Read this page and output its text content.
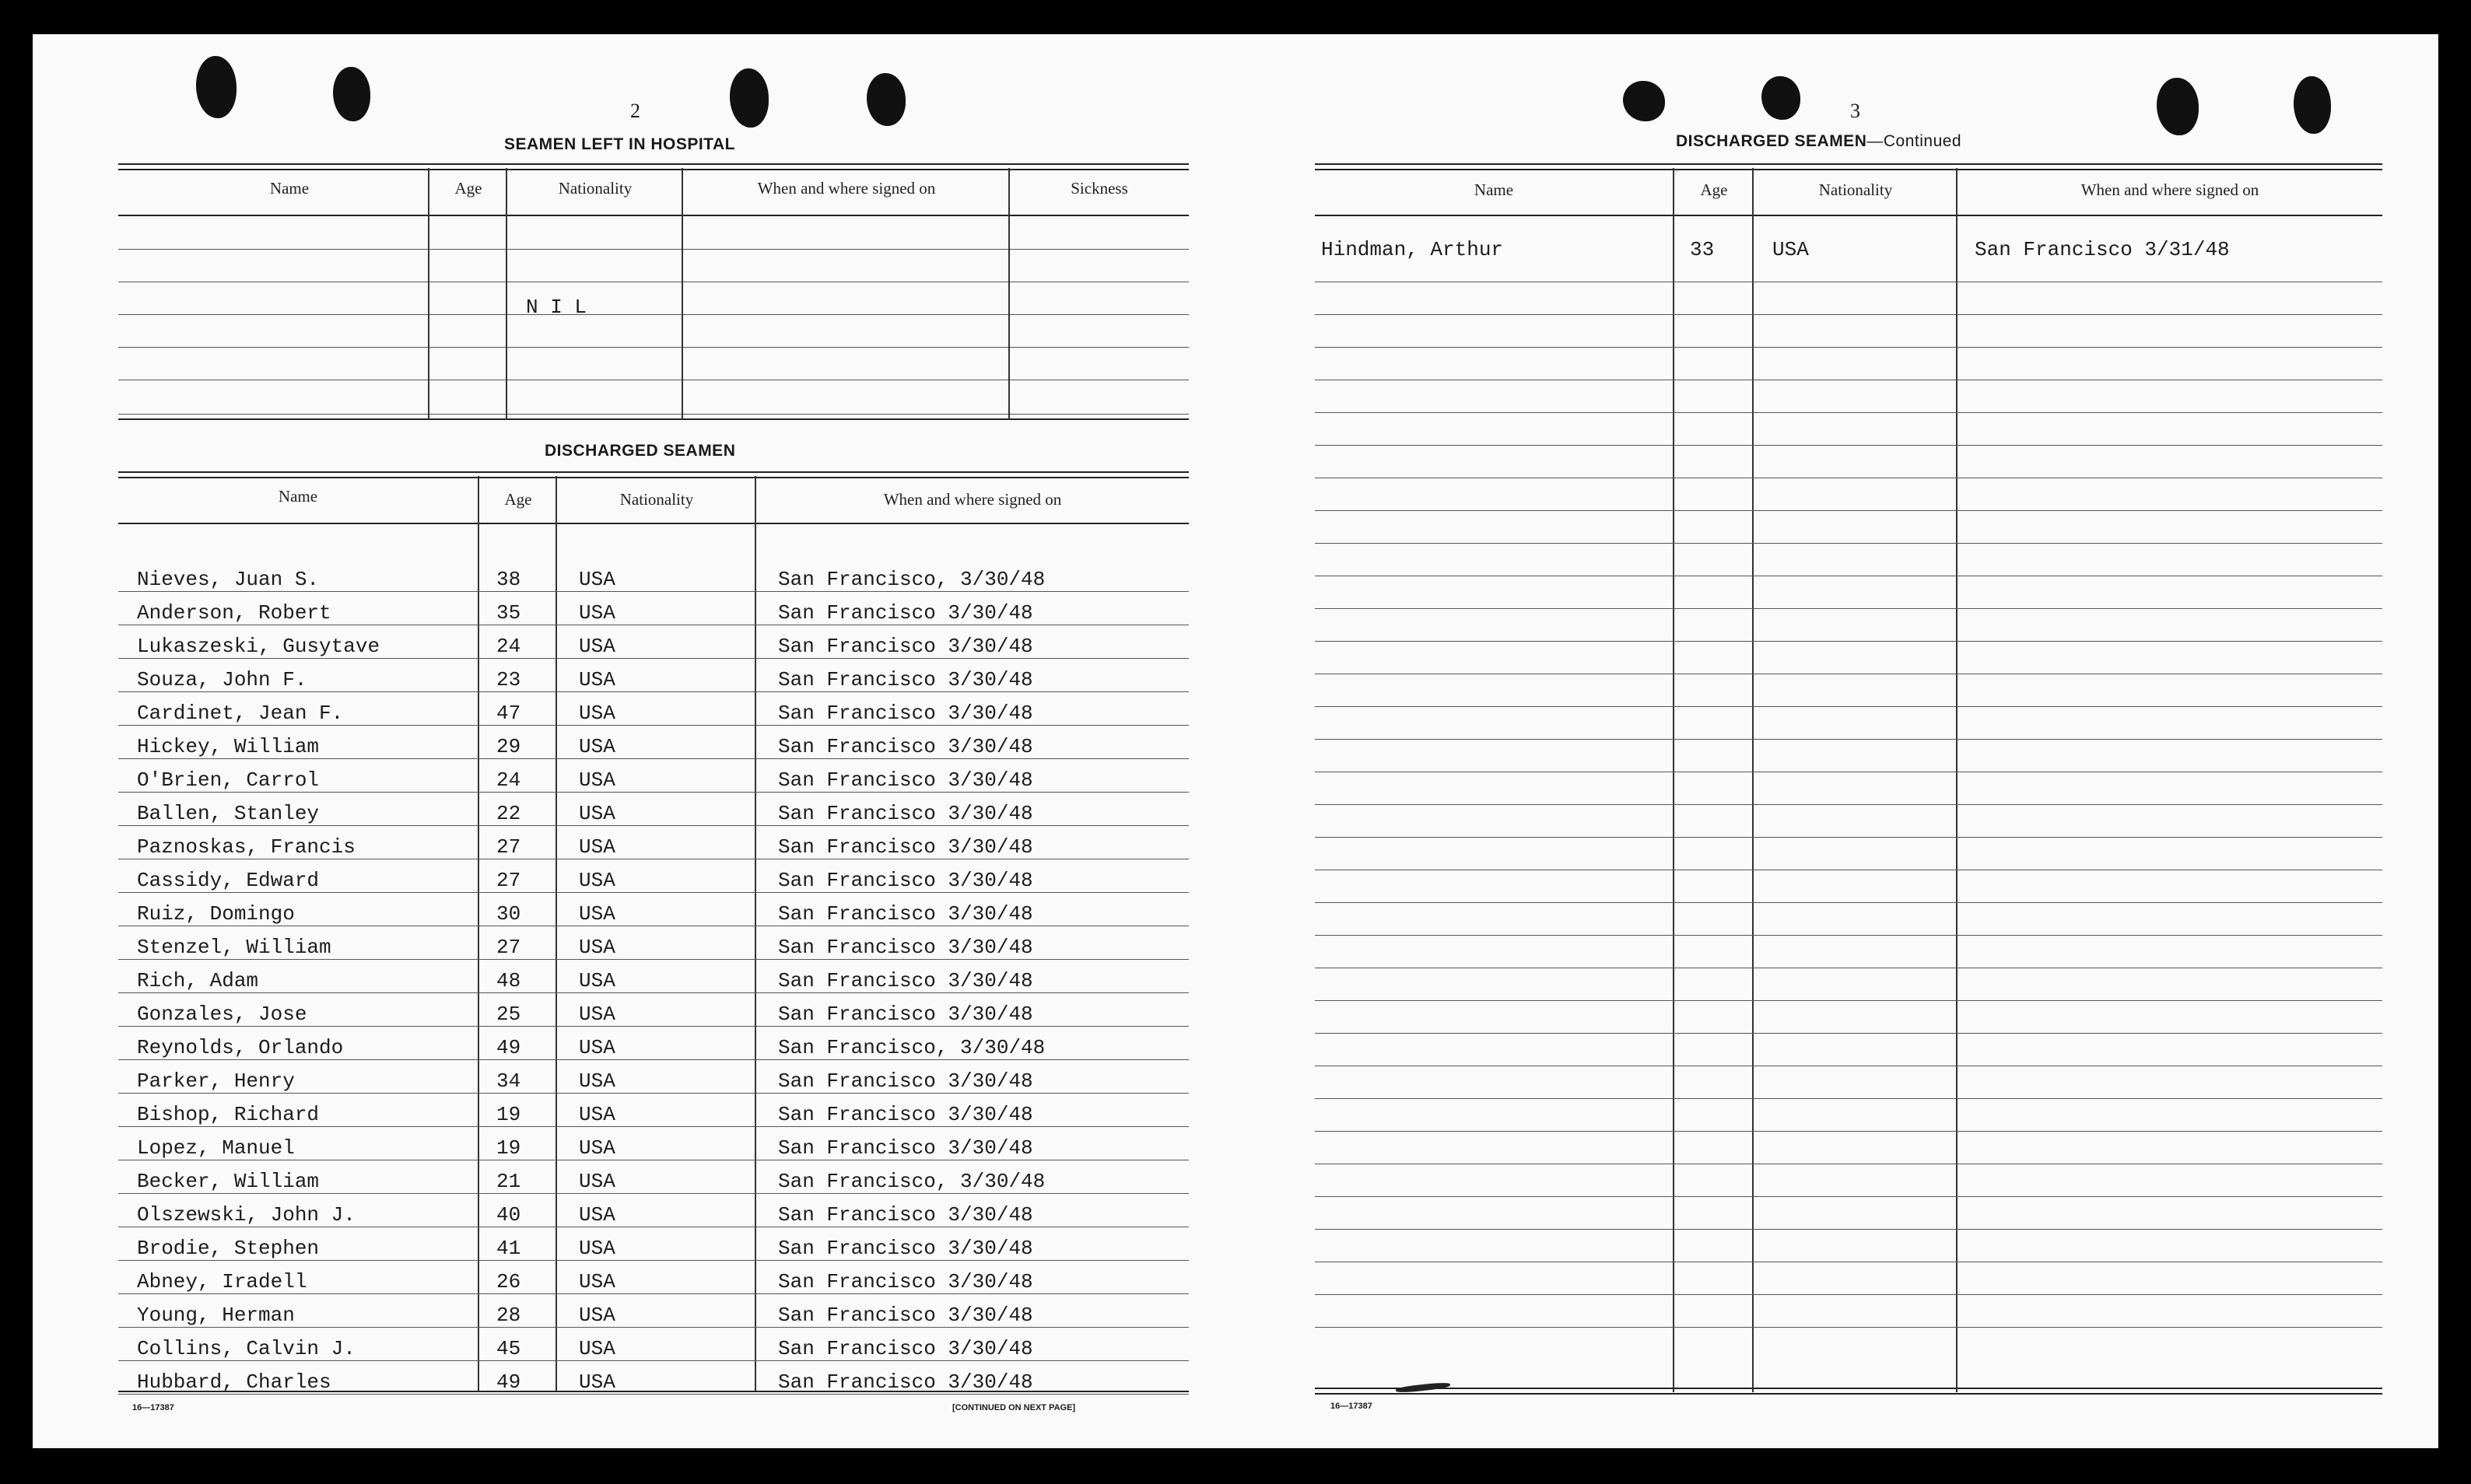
2
SEAMEN LEFT IN HOSPITAL
Name	Age	Nationality	When and where signed on	Sickness
N I L
DISCHARGED SEAMEN
Name	Age	Nationality	When and where signed on
Nieves, Juan S.	38	USA	San Francisco, 3/30/48
Anderson, Robert	35	USA	San Francisco 3/30/48
Lukaszeski, Gusytave	24	USA	San Francisco 3/30/48
Souza, John F.	23	USA	San Francisco 3/30/48
Cardinet, Jean F.	47	USA	San Francisco 3/30/48
Hickey, William	29	USA	San Francisco 3/30/48
O'Brien, Carrol	24	USA	San Francisco 3/30/48
Ballen, Stanley	22	USA	San Francisco 3/30/48
Paznoskas, Francis	27	USA	San Francisco 3/30/48
Cassidy, Edward	27	USA	San Francisco 3/30/48
Ruiz, Domingo	30	USA	San Francisco 3/30/48
Stenzel, William	27	USA	San Francisco 3/30/48
Rich, Adam	48	USA	San Francisco 3/30/48
Gonzales, Jose	25	USA	San Francisco 3/30/48
Reynolds, Orlando	49	USA	San Francisco, 3/30/48
Parker, Henry	34	USA	San Francisco 3/30/48
Bishop, Richard	19	USA	San Francisco 3/30/48
Lopez, Manuel	19	USA	San Francisco 3/30/48
Becker, William	21	USA	San Francisco, 3/30/48
Olszewski, John J.	40	USA	San Francisco 3/30/48
Brodie, Stephen	41	USA	San Francisco 3/30/48
Abney, Iradell	26	USA	San Francisco 3/30/48
Young, Herman	28	USA	San Francisco 3/30/48
Collins, Calvin J.	45	USA	San Francisco 3/30/48
Hubbard, Charles	49	USA	San Francisco 3/30/48
16—17387	[CONTINUED ON NEXT PAGE]
3
DISCHARGED SEAMEN—Continued
Name	Age	Nationality	When and where signed on
Hindman, Arthur	33	USA	San Francisco 3/31/48
16—17387
